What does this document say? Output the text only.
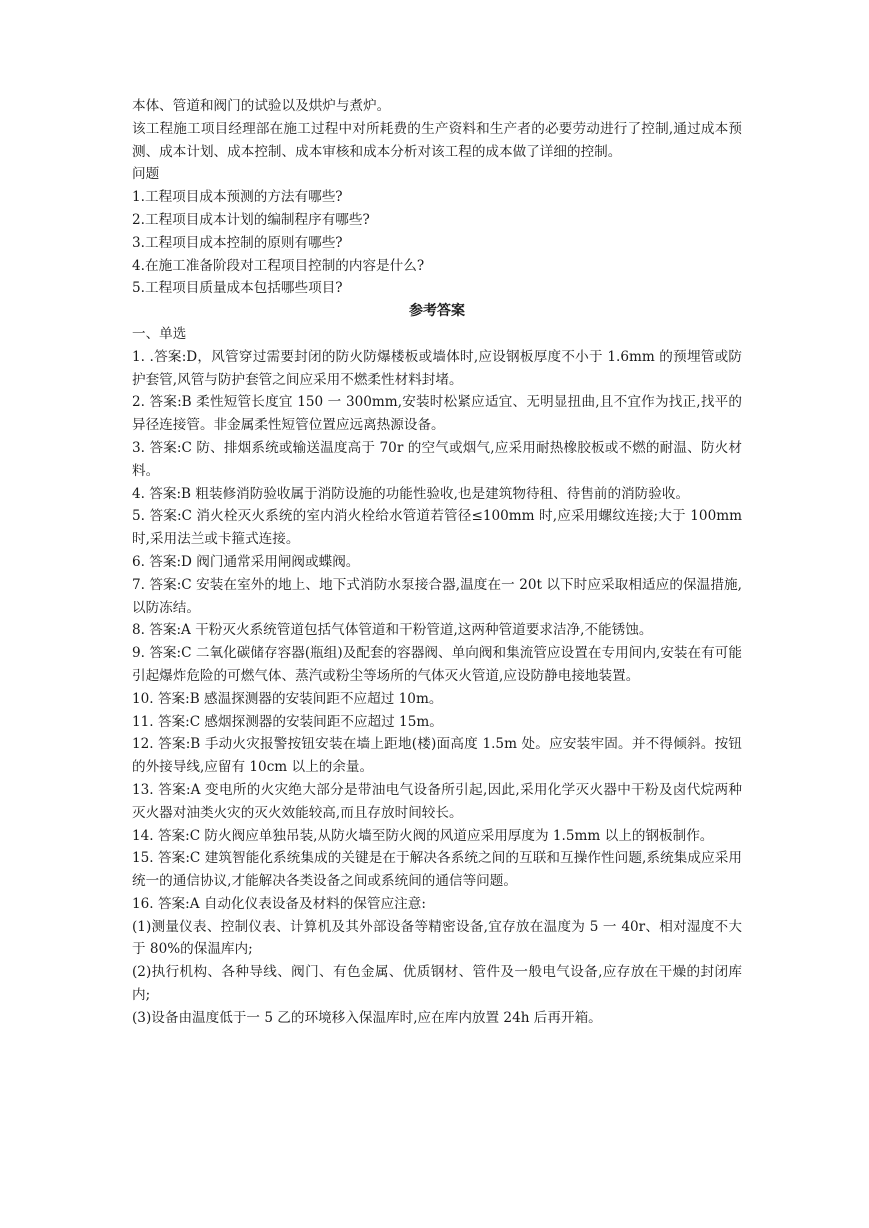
本体、管道和阀门的试验以及烘炉与煮炉。

该工程施工项目经理部在施工过程中对所耗费的生产资料和生产者的必要劳动进行了控制,通过成本预测、成本计划、成本控制、成本审核和成本分析对该工程的成本做了详细的控制。

问题

1.工程项目成本预测的方法有哪些?

2.工程项目成本计划的编制程序有哪些?

3.工程项目成本控制的原则有哪些?

4.在施工准备阶段对工程项目控制的内容是什么?

5.工程项目质量成本包括哪些项目?

参考答案

一、单选

1. .答案:D，风管穿过需要封闭的防火防爆楼板或墙体时,应设钢板厚度不小于 1.6mm 的预埋管或防护套管,风管与防护套管之间应采用不燃柔性材料封堵。

2. 答案:B 柔性短管长度宜 150 一 300mm,安装时松紧应适宜、无明显扭曲,且不宜作为找正,找平的异径连接管。非金属柔性短管位置应远离热源设备。

3. 答案:C 防、排烟系统或输送温度高于 70r 的空气或烟气,应采用耐热橡胶板或不燃的耐温、防火材料。

4. 答案:B 粗装修消防验收属于消防设施的功能性验收,也是建筑物待租、待售前的消防验收。

5. 答案:C 消火栓灭火系统的室内消火栓给水管道若管径≤100mm 时,应采用螺纹连接;大于 100mm 时,采用法兰或卡箍式连接。

6. 答案:D 阀门通常采用闸阀或蝶阀。

7. 答案:C 安装在室外的地上、地下式消防水泵接合器,温度在一 20t 以下时应采取相适应的保温措施,以防冻结。

8. 答案:A 干粉灭火系统管道包括气体管道和干粉管道,这两种管道要求洁净,不能锈蚀。

9. 答案:C 二氧化碳储存容器(瓶组)及配套的容器阀、单向阀和集流管应设置在专用间内,安装在有可能引起爆炸危险的可燃气体、蒸汽或粉尘等场所的气体灭火管道,应设防静电接地装置。

10. 答案:B 感温探测器的安装间距不应超过 10m。

11. 答案:C 感烟探测器的安装间距不应超过 15m。

12. 答案:B 手动火灾报警按钮安装在墙上距地(楼)面高度 1.5m 处。应安装牢固。并不得倾斜。按钮的外接导线,应留有 10cm 以上的余量。

13. 答案:A 变电所的火灾绝大部分是带油电气设备所引起,因此,采用化学灭火器中干粉及卤代烷两种灭火器对油类火灾的灭火效能较高,而且存放时间较长。

14. 答案:C 防火阀应单独吊装,从防火墙至防火阀的风道应采用厚度为 1.5mm 以上的钢板制作。

15. 答案:C 建筑智能化系统集成的关键是在于解决各系统之间的互联和互操作性问题,系统集成应采用统一的通信协议,才能解决各类设备之间或系统间的通信等问题。

16. 答案:A 自动化仪表设备及材料的保管应注意:

(1)测量仪表、控制仪表、计算机及其外部设备等精密设备,宜存放在温度为 5 一 40r、相对湿度不大于 80%的保温库内;

(2)执行机构、各种导线、阀门、有色金属、优质钢材、管件及一般电气设备,应存放在干燥的封闭库内;

(3)设备由温度低于一 5 乙的环境移入保温库时,应在库内放置 24h 后再开箱。
